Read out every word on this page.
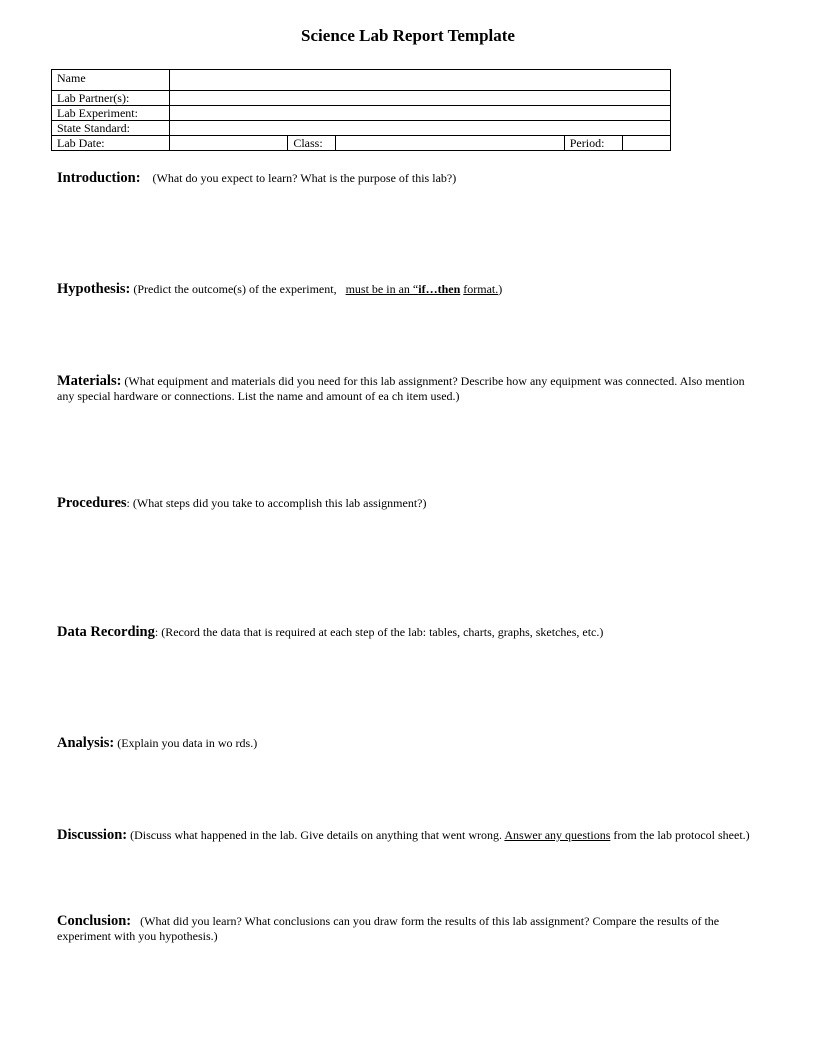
Science Lab Report Template
Name					
Lab Partner(s):					
Lab Experiment:					
State Standard:					
Lab Date:		Class:		Period:	
Introduction: (What do you expect to learn? What is the purpose of this lab?)
Hypothesis: (Predict the outcome(s) of the experiment, must be in an “if…then format.)
Materials: (What equipment and materials did you need for this lab assignment? Describe how any equipment was connected. Also mention any special hardware or connections. List the name and amount of ea ch item used.)
Procedures: (What steps did you take to accomplish this lab assignment?)
Data Recording: (Record the data that is required at each step of the lab: tables, charts, graphs, sketches, etc.)
Analysis: (Explain you data in wo rds.)
Discussion: (Discuss what happened in the lab. Give details on anything that went wrong. Answer any questions from the lab protocol sheet.)
Conclusion: (What did you learn? What conclusions can you draw form the results of this lab assignment? Compare the results of the experiment with you hypothesis.)
